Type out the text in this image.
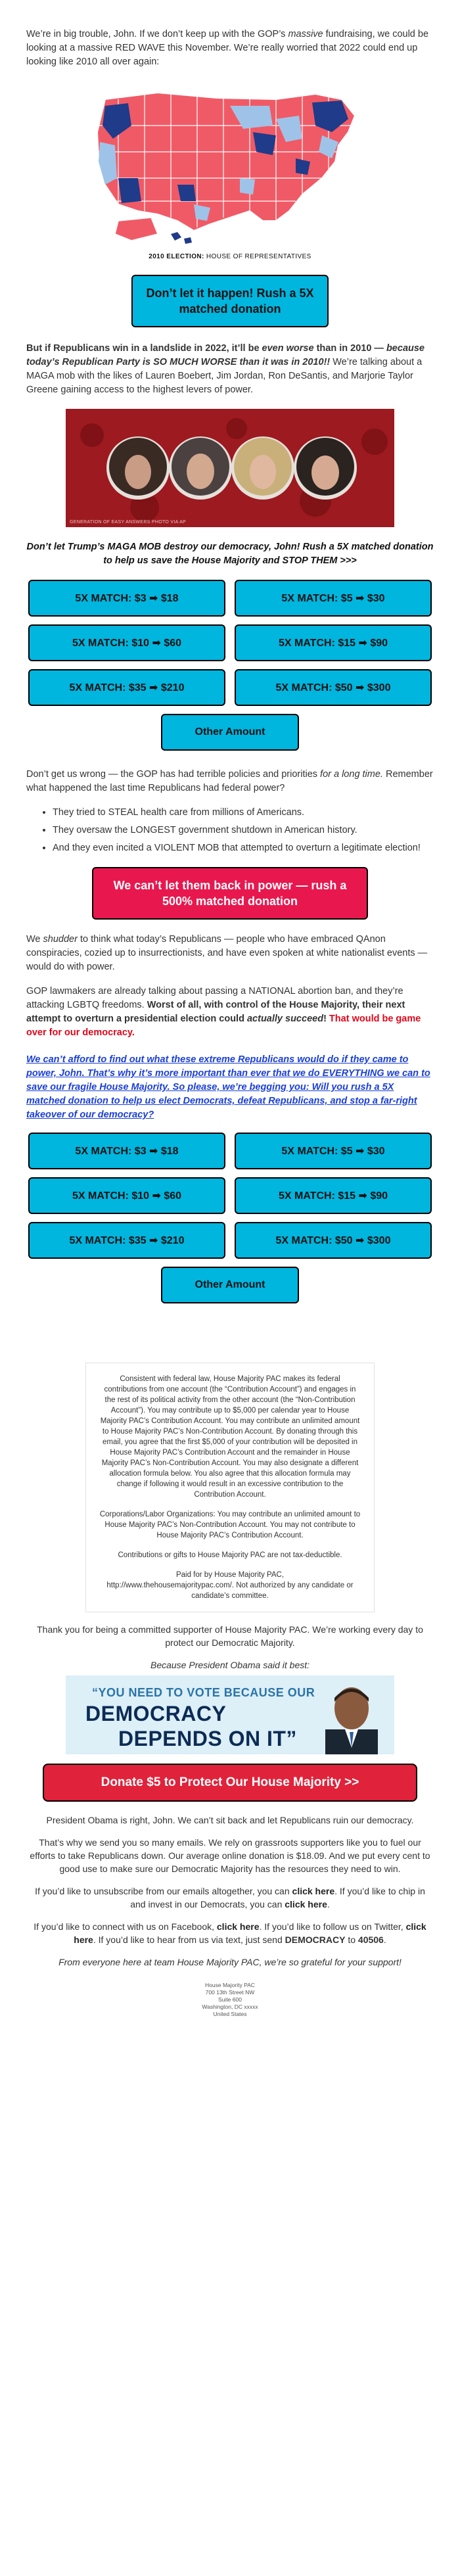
We’re in big trouble, John. If we don’t keep up with the GOP’s massive fundraising, we could be looking at a massive RED WAVE this November. We’re really worried that 2022 could end up looking like 2010 all over again:

2010 ELECTION: HOUSE OF REPRESENTATIVES
Don’t let it happen! Rush a 5X matched donation

But if Republicans win in a landslide in 2022, it’ll be even worse than in 2010 — because today’s Republican Party is SO MUCH WORSE than it was in 2010!! We’re talking about a MAGA mob with the likes of Lauren Boebert, Jim Jordan, Ron DeSantis, and Marjorie Taylor Greene gaining access to the highest levers of power.

GENERATION OF EASY ANSWERS PHOTO VIA AP

Don’t let Trump’s MAGA MOB destroy our democracy, John! Rush a 5X matched donation to help us save the House Majority and STOP THEM >>>

5X MATCH: $3 ➡ $18	5X MATCH: $5 ➡ $30
5X MATCH: $10 ➡ $60	5X MATCH: $15 ➡ $90
5X MATCH: $35 ➡ $210	5X MATCH: $50 ➡ $300
Other Amount

Don’t get us wrong — the GOP has had terrible policies and priorities for a long time. Remember what happened the last time Republicans had federal power?

• They tried to STEAL health care from millions of Americans.
• They oversaw the LONGEST government shutdown in American history.
• And they even incited a VIOLENT MOB that attempted to overturn a legitimate election!
We can’t let them back in power — rush a 500% matched donation

We shudder to think what today’s Republicans — people who have embraced QAnon conspiracies, cozied up to insurrectionists, and have even spoken at white nationalist events — would do with power.

GOP lawmakers are already talking about passing a NATIONAL abortion ban, and they’re attacking LGBTQ freedoms. Worst of all, with control of the House Majority, their next attempt to overturn a presidential election could actually succeed! That would be game over for our democracy.

We can’t afford to find out what these extreme Republicans would do if they came to power, John. That’s why it’s more important than ever that we do EVERYTHING we can to save our fragile House Majority. So please, we’re begging you: Will you rush a 5X matched donation to help us elect Democrats, defeat Republicans, and stop a far-right takeover of our democracy?

5X MATCH: $3 ➡ $18	5X MATCH: $5 ➡ $30
5X MATCH: $10 ➡ $60	5X MATCH: $15 ➡ $90
5X MATCH: $35 ➡ $210	5X MATCH: $50 ➡ $300
Other Amount

Consistent with federal law, House Majority PAC makes its federal contributions from one account (the “Contribution Account”) and engages in the rest of its political activity from the other account (the “Non-Contribution Account”). You may contribute up to $5,000 per calendar year to House Majority PAC’s Contribution Account. You may contribute an unlimited amount to House Majority PAC’s Non-Contribution Account. By donating through this email, you agree that the first $5,000 of your contribution will be deposited in House Majority PAC’s Contribution Account and the remainder in House Majority PAC’s Non-Contribution Account. You may also designate a different allocation formula below. You also agree that this allocation formula may change if following it would result in an excessive contribution to the Contribution Account.

Corporations/Labor Organizations: You may contribute an unlimited amount to House Majority PAC’s Non-Contribution Account. You may not contribute to House Majority PAC’s Contribution Account.

Contributions or gifts to House Majority PAC are not tax-deductible.

Paid for by House Majority PAC,
http://www.thehousemajoritypac.com/. Not authorized by any candidate or candidate’s committee.

Thank you for being a committed supporter of House Majority PAC. We’re working every day to protect our Democratic Majority.

Because President Obama said it best:

“YOU NEED TO VOTE BECAUSE OUR
DEMOCRACY
DEPENDS ON IT”
Donate $5 to Protect Our House Majority >>

President Obama is right, John. We can’t sit back and let Republicans ruin our democracy.

That’s why we send you so many emails. We rely on grassroots supporters like you to fuel our efforts to take Republicans down. Our average online donation is $18.09. And we put every cent to good use to make sure our Democratic Majority has the resources they need to win.

If you’d like to unsubscribe from our emails altogether, you can click here. If you’d like to chip in and invest in our Democrats, you can click here.

If you’d like to connect with us on Facebook, click here. If you’d like to follow us on Twitter, click here. If you’d like to hear from us via text, just send DEMOCRACY to 40506.

From everyone here at team House Majority PAC, we’re so grateful for your support!

House Majority PAC
700 13th Street NW
Suite 600
Washington, DC xxxxx
United States
